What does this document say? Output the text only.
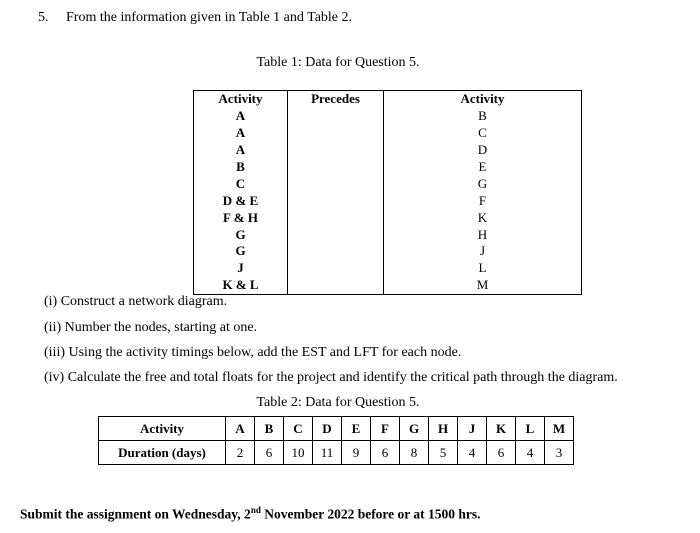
5. From the information given in Table 1 and Table 2.
Table 1: Data for Question 5.
Activity	Precedes	Activity
A		B
A		C
A		D
B		E
C		G
D & E		F
F & H		K
G		H
G		J
J		L
K & L		M
(i) Construct a network diagram.
(ii) Number the nodes, starting at one.
(iii) Using the activity timings below, add the EST and LFT for each node.
(iv) Calculate the free and total floats for the project and identify the critical path through the diagram.
Table 2: Data for Question 5.
Activity	A	B	C	D	E	F	G	H	J	K	L	M
Duration (days)	2	6	10	11	9	6	8	5	4	6	4	3
Submit the assignment on Wednesday, 2nd November 2022 before or at 1500 hrs.
